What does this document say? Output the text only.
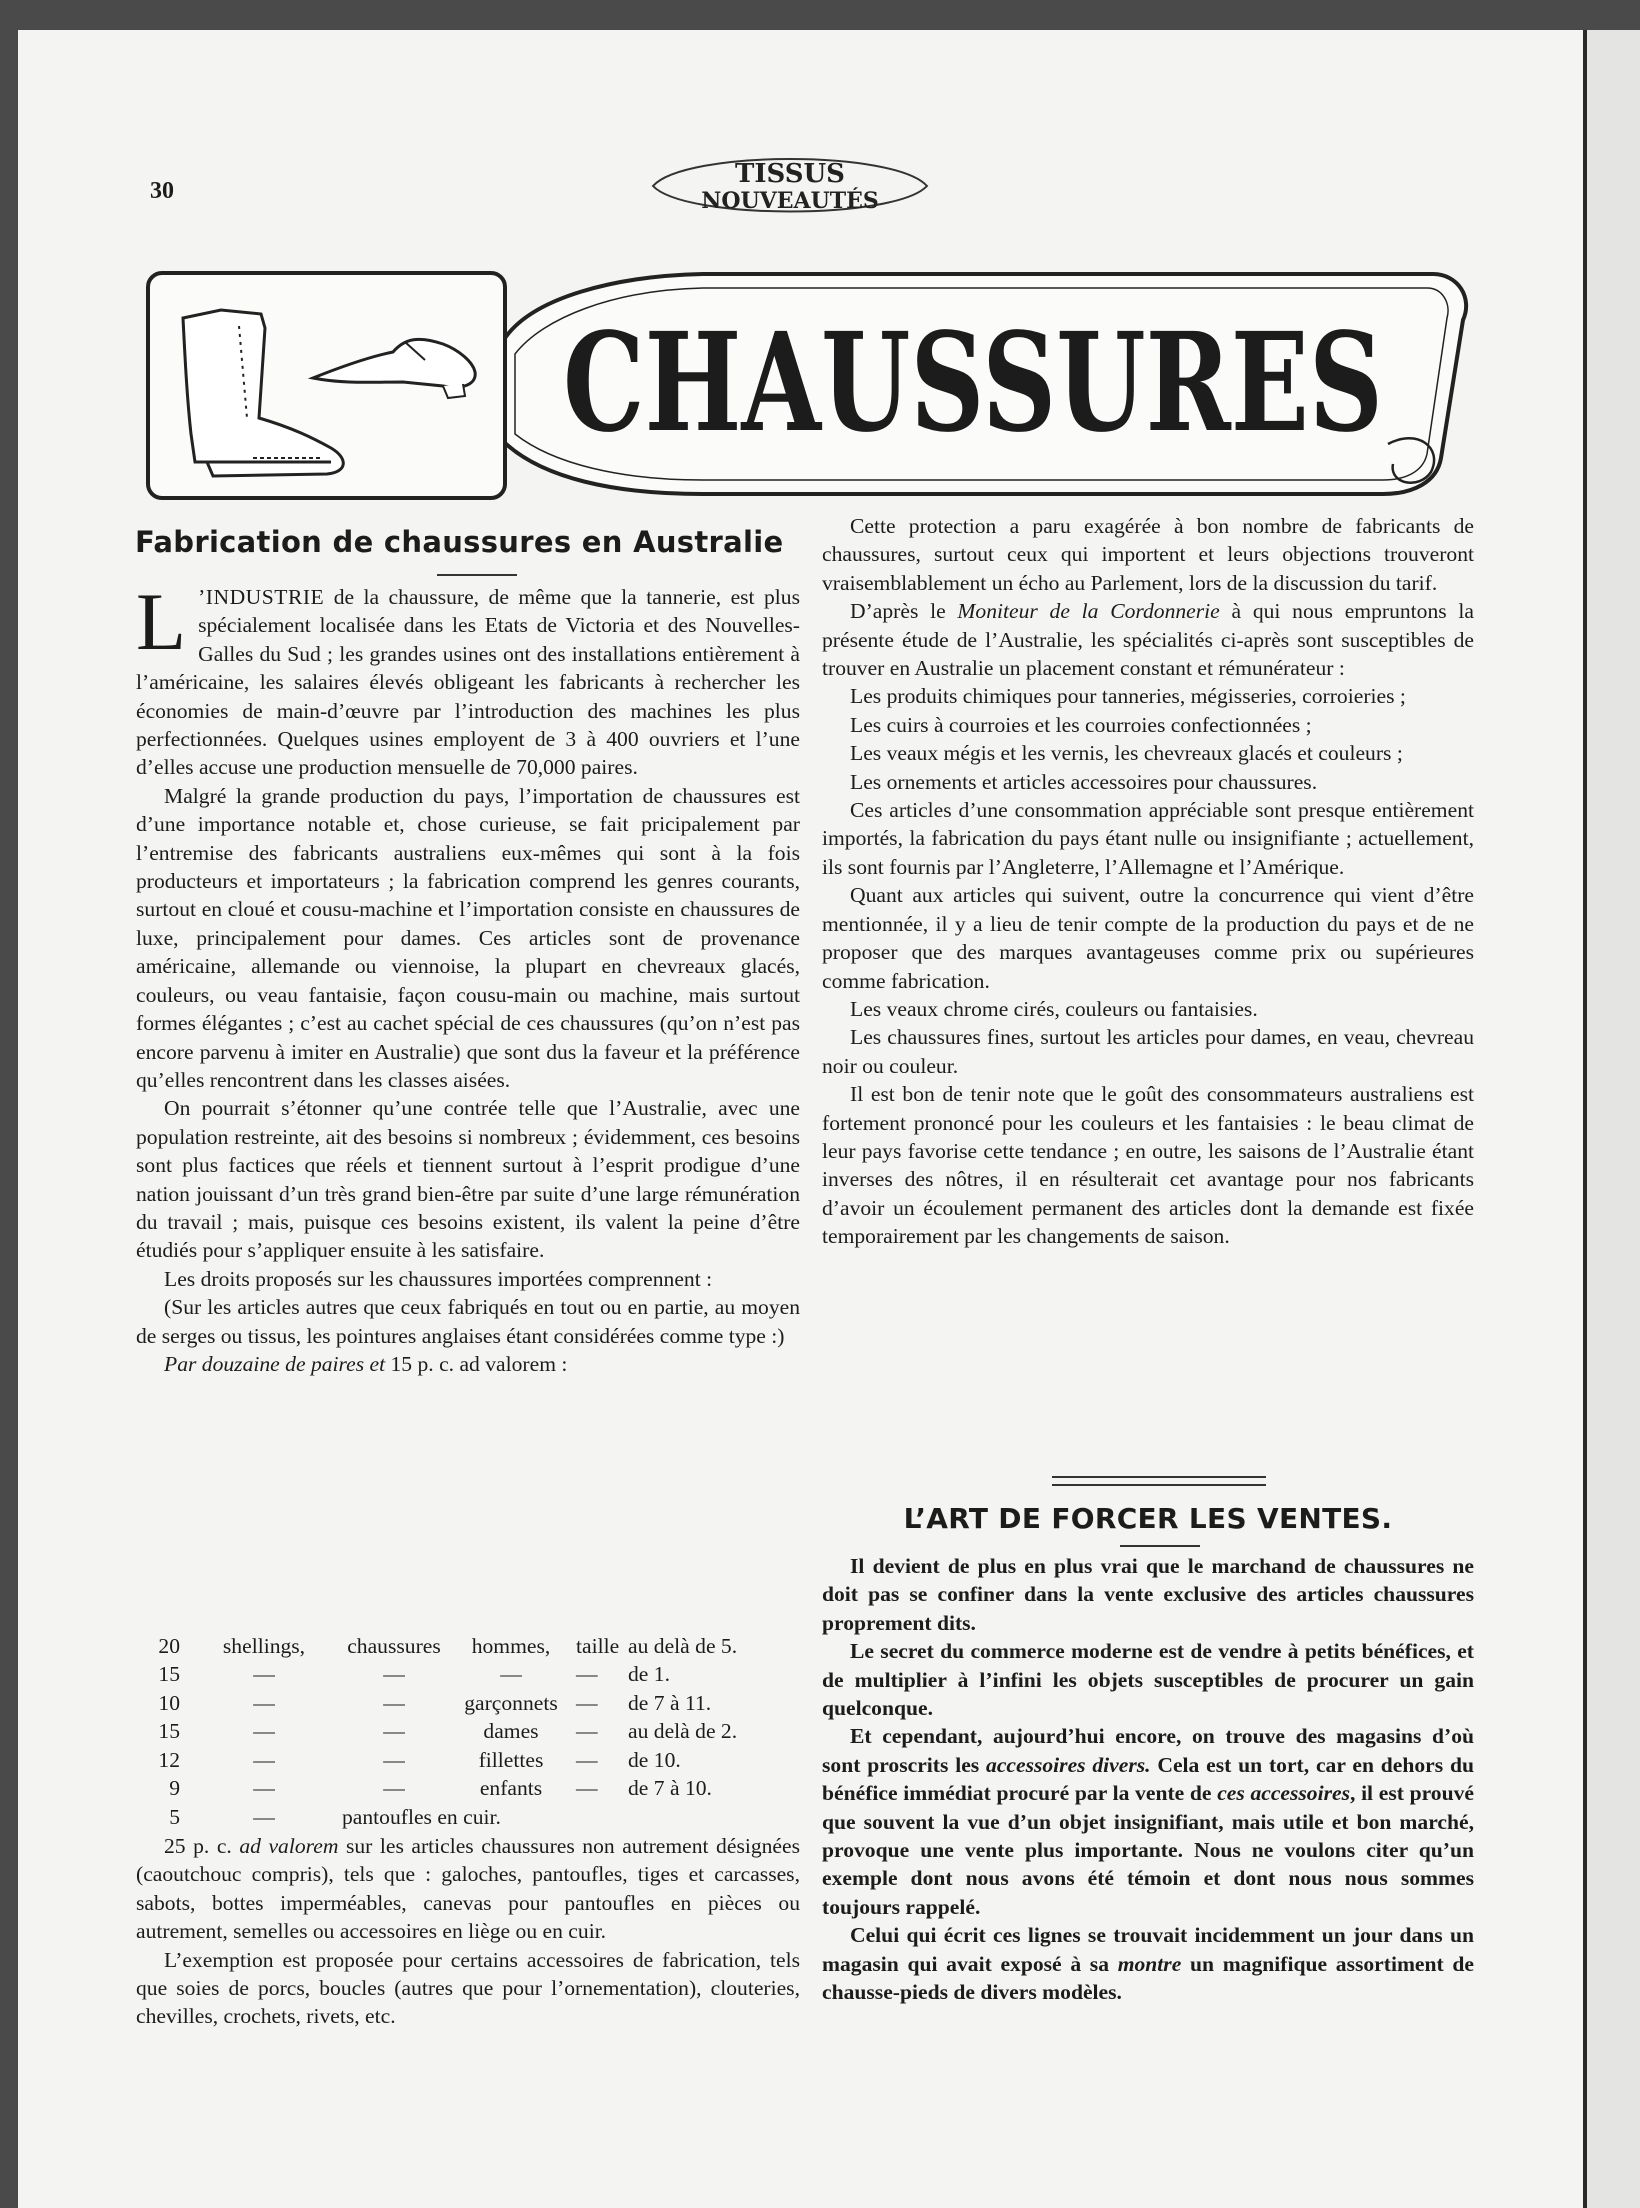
30
TISSUS
NOUVEAUTÉS
CHAUSSURES
Fabrication de chaussures en Australie

L ’INDUSTRIE de la chaussure, de même que la tannerie, est plus spécialement localisée dans les Etats de Victoria et des Nouvelles-Galles du Sud ; les grandes usines ont des installations entièrement à l’américaine, les salaires élevés obligeant les fabricants à rechercher les économies de main-d’œuvre par l’introduction des machines les plus perfectionnées. Quelques usines employent de 3 à 400 ouvriers et l’une d’elles accuse une production mensuelle de 70,000 paires.

Malgré la grande production du pays, l’importation de chaussures est d’une importance notable et, chose curieuse, se fait pricipalement par l’entremise des fabricants australiens eux-mêmes qui sont à la fois producteurs et importateurs ; la fabrication comprend les genres courants, surtout en cloué et cousu-machine et l’importation consiste en chaussures de luxe, principalement pour dames. Ces articles sont de provenance américaine, allemande ou viennoise, la plupart en chevreaux glacés, couleurs, ou veau fantaisie, façon cousu-main ou machine, mais surtout formes élégantes ; c’est au cachet spécial de ces chaussures (qu’on n’est pas encore parvenu à imiter en Australie) que sont dus la faveur et la préférence qu’elles rencontrent dans les classes aisées.

On pourrait s’étonner qu’une contrée telle que l’Australie, avec une population restreinte, ait des besoins si nombreux ; évidemment, ces besoins sont plus factices que réels et tiennent surtout à l’esprit prodigue d’une nation jouissant d’un très grand bien-être par suite d’une large rémunération du travail ; mais, puisque ces besoins existent, ils valent la peine d’être étudiés pour s’appliquer ensuite à les satisfaire.

Les droits proposés sur les chaussures importées comprennent :

(Sur les articles autres que ceux fabriqués en tout ou en partie, au moyen de serges ou tissus, les pointures anglaises étant considérées comme type :)

Par douzaine de paires et 15 p. c. ad valorem :

20	shellings,	chaussures	hommes,	taille	au delà de 5.
15	—	—	—	—	de 1.
10	—	—	garçonnets	—	de 7 à 11.
15	—	—	dames	—	au delà de 2.
12	—	—	fillettes	—	de 10.
9	—	—	enfants	—	de 7 à 10.
5	—	pantoufles en cuir.

25 p. c. ad valorem sur les articles chaussures non autrement désignées (caoutchouc compris), tels que : galoches, pantoufles, tiges et carcasses, sabots, bottes imperméables, canevas pour pantoufles en pièces ou autrement, semelles ou accessoires en liège ou en cuir.

L’exemption est proposée pour certains accessoires de fabrication, tels que soies de porcs, boucles (autres que pour l’ornementation), clouteries, chevilles, crochets, rivets, etc.

Cette protection a paru exagérée à bon nombre de fabricants de chaussures, surtout ceux qui importent et leurs objections trouveront vraisemblablement un écho au Parlement, lors de la discussion du tarif.

D’après le Moniteur de la Cordonnerie à qui nous empruntons la présente étude de l’Australie, les spécialités ci-après sont susceptibles de trouver en Australie un placement constant et rémunérateur :

Les produits chimiques pour tanneries, mégisseries, corroieries ;

Les cuirs à courroies et les courroies confectionnées ;

Les veaux mégis et les vernis, les chevreaux glacés et couleurs ;

Les ornements et articles accessoires pour chaussures.

Ces articles d’une consommation appréciable sont presque entièrement importés, la fabrication du pays étant nulle ou insignifiante ; actuellement, ils sont fournis par l’Angleterre, l’Allemagne et l’Amérique.

Quant aux articles qui suivent, outre la concurrence qui vient d’être mentionnée, il y a lieu de tenir compte de la production du pays et de ne proposer que des marques avantageuses comme prix ou supérieures comme fabrication.

Les veaux chrome cirés, couleurs ou fantaisies.

Les chaussures fines, surtout les articles pour dames, en veau, chevreau noir ou couleur.

Il est bon de tenir note que le goût des consommateurs australiens est fortement prononcé pour les couleurs et les fantaisies : le beau climat de leur pays favorise cette tendance ; en outre, les saisons de l’Australie étant inverses des nôtres, il en résulterait cet avantage pour nos fabricants d’avoir un écoulement permanent des articles dont la demande est fixée temporairement par les changements de saison.

L’ART DE FORCER LES VENTES.

Il devient de plus en plus vrai que le marchand de chaussures ne doit pas se confiner dans la vente exclusive des articles chaussures proprement dits.

Le secret du commerce moderne est de vendre à petits bénéfices, et de multiplier à l’infini les objets susceptibles de procurer un gain quelconque.

Et cependant, aujourd’hui encore, on trouve des magasins d’où sont proscrits les accessoires divers. Cela est un tort, car en dehors du bénéfice immédiat procuré par la vente de ces accessoires, il est prouvé que souvent la vue d’un objet insignifiant, mais utile et bon marché, provoque une vente plus importante. Nous ne voulons citer qu’un exemple dont nous avons été témoin et dont nous nous sommes toujours rappelé.

Celui qui écrit ces lignes se trouvait incidemment un jour dans un magasin qui avait exposé à sa montre un magnifique assortiment de chausse-pieds de divers modèles.
